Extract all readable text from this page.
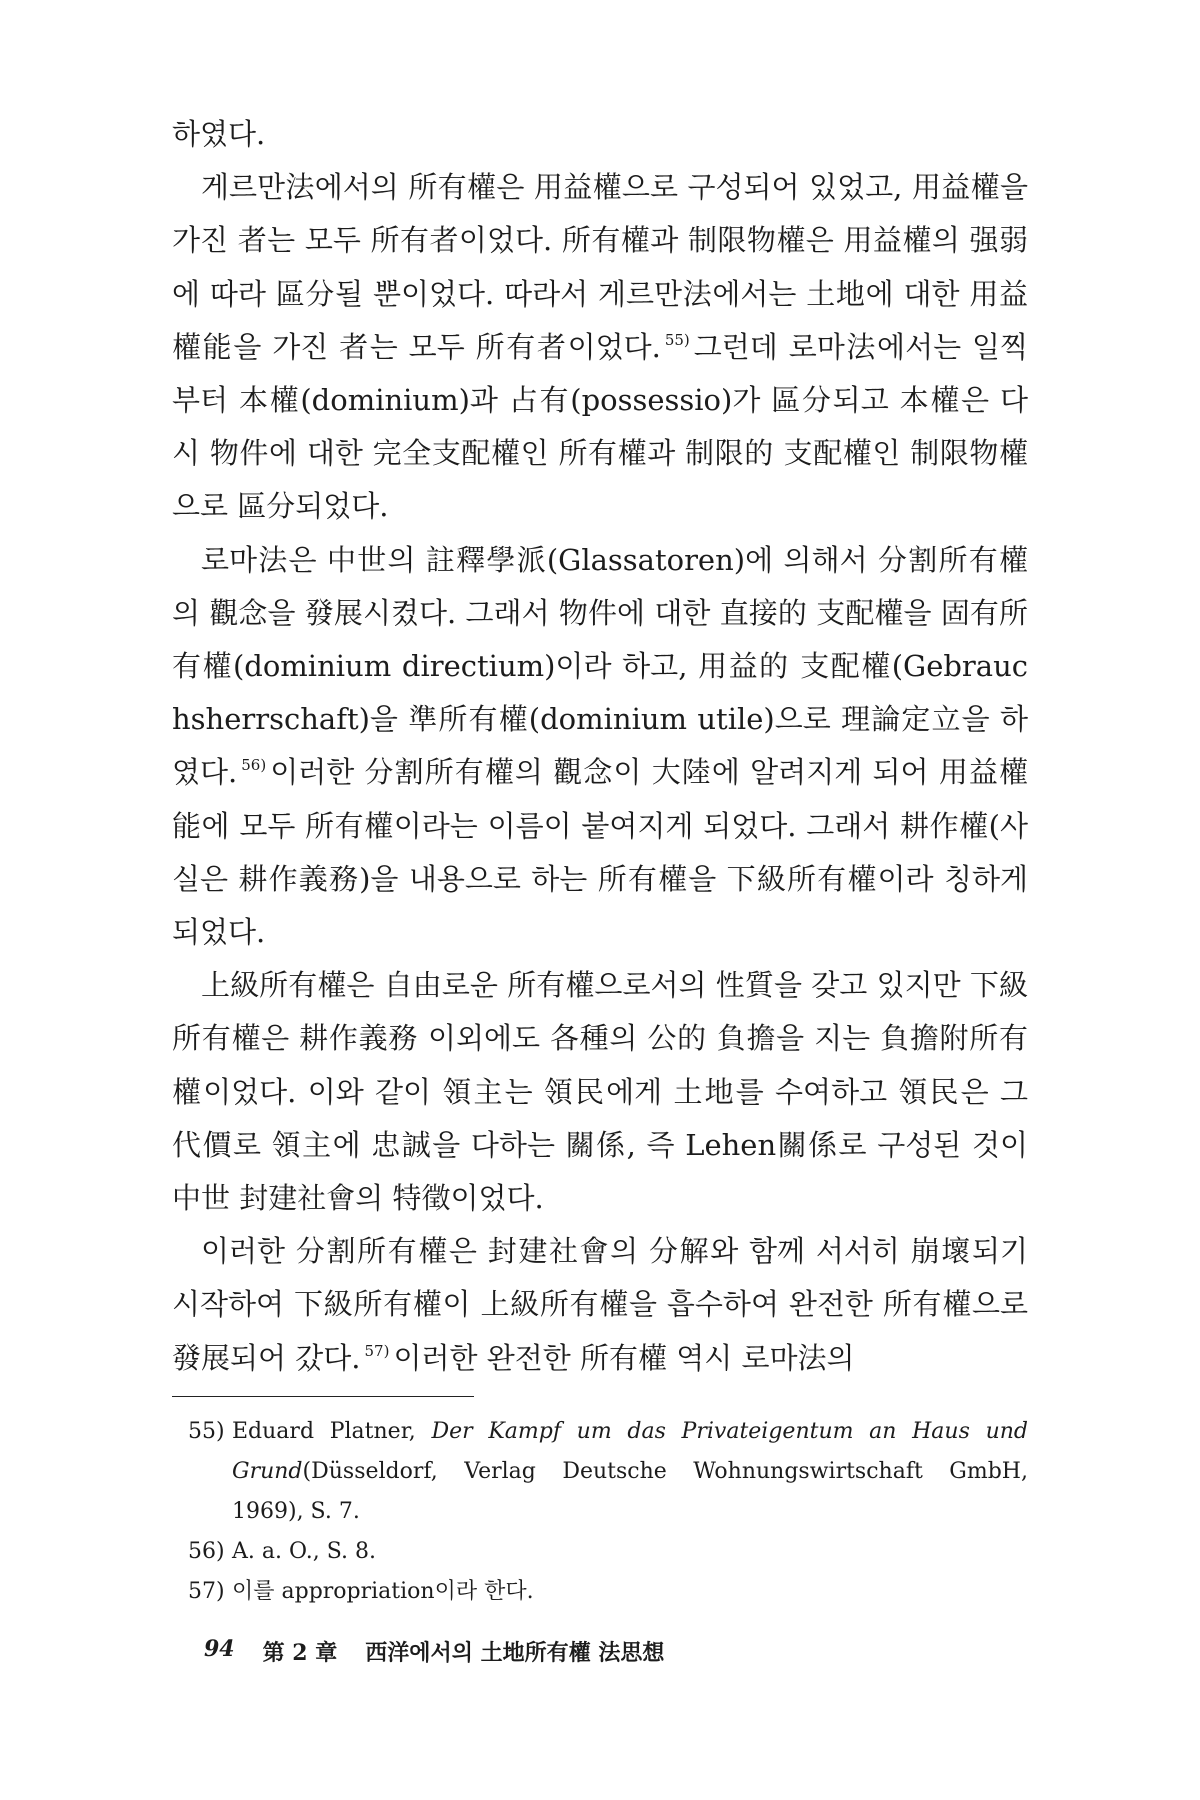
하였다.

게르만法에서의 所有權은 用益權으로 구성되어 있었고, 用益權을 가진 者는 모두 所有者이었다. 所有權과 制限物權은 用益權의 强弱에 따라 區分될 뿐이었다. 따라서 게르만法에서는 土地에 대한 用益權能을 가진 者는 모두 所有者이었다. $^{55)}$ 그런데 로마法에서는 일찍부터 本權(dominium)과 占有(possessio)가 區分되고 本權은 다시 物件에 대한 完全支配權인 所有權과 制限的 支配權인 制限物權으로 區分되었다.

로마法은 中世의 註釋學派(Glassatoren)에 의해서 分割所有權의 觀念을 發展시켰다. 그래서 物件에 대한 直接的 支配權을 固有所有權(dominium directium)이라 하고, 用益的 支配權(Gebrauchsherrschaft)을 準所有權(dominium utile)으로 理論定立을 하였다. $^{56)}$ 이러한 分割所有權의 觀念이 大陸에 알려지게 되어 用益權能에 모두 所有權이라는 이름이 붙여지게 되었다. 그래서 耕作權(사실은 耕作義務)을 내용으로 하는 所有權을 下級所有權이라 칭하게 되었다.

上級所有權은 自由로운 所有權으로서의 性質을 갖고 있지만 下級所有權은 耕作義務 이외에도 各種의 公的 負擔을 지는 負擔附所有權이었다. 이와 같이 領主는 領民에게 土地를 수여하고 領民은 그 代價로 領主에 忠誠을 다하는 關係, 즉 Lehen關係로 구성된 것이 中世 封建社會의 特徵이었다.

이러한 分割所有權은 封建社會의 分解와 함께 서서히 崩壞되기 시작하여 下級所有權이 上級所有權을 흡수하여 완전한 所有權으로 發展되어 갔다. $^{57)}$ 이러한 완전한 所有權 역시 로마法의

55) Eduard Platner, Der Kampf um das Privateigentum an Haus und Grund(Düsseldorf, Verlag Deutsche Wohnungswirtschaft GmbH, 1969), S. 7.
56) A. a. O., S. 8.
57) 이를 appropriation이라 한다.
94 第 2 章 西洋에서의 土地所有權 法思想
